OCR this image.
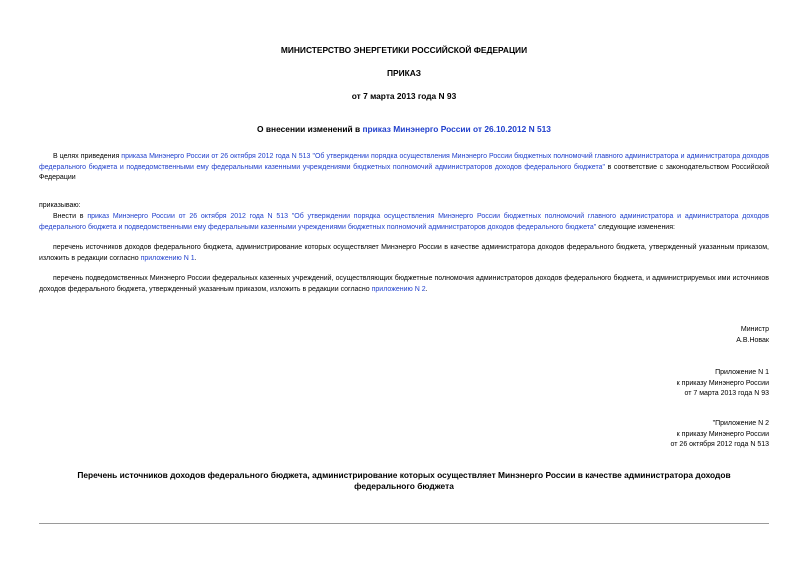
МИНИСТЕРСТВО ЭНЕРГЕТИКИ РОССИЙСКОЙ ФЕДЕРАЦИИ
ПРИКАЗ
от 7 марта 2013 года N 93
О внесении изменений в приказ Минэнерго России от 26.10.2012 N 513
В целях приведения приказа Минэнерго России от 26 октября 2012 года N 513 "Об утверждении порядка осуществления Минэнерго России бюджетных полномочий главного администратора и администратора доходов федерального бюджета и подведомственными ему федеральными казенными учреждениями бюджетных полномочий администраторов доходов федерального бюджета" в соответствие с законодательством Российской Федерации
приказываю:
Внести в приказ Минэнерго России от 26 октября 2012 года N 513 "Об утверждении порядка осуществления Минэнерго России бюджетных полномочий главного администратора и администратора доходов федерального бюджета и подведомственными ему федеральными казенными учреждениями бюджетных полномочий администраторов доходов федерального бюджета" следующие изменения:
перечень источников доходов федерального бюджета, администрирование которых осуществляет Минэнерго России в качестве администратора доходов федерального бюджета, утвержденный указанным приказом, изложить в редакции согласно приложению N 1.
перечень подведомственных Минэнерго России федеральных казенных учреждений, осуществляющих бюджетные полномочия администраторов доходов федерального бюджета, и администрируемых ими источников доходов федерального бюджета, утвержденный указанным приказом, изложить в редакции согласно приложению N 2.
Министр
А.В.Новак
Приложение N 1
к приказу Минэнерго России
от 7 марта 2013 года N 93
"Приложение N 2
к приказу Минэнерго России
от 26 октября 2012 года N 513
Перечень источников доходов федерального бюджета, администрирование которых осуществляет Минэнерго России в качестве администратора доходов федерального бюджета
